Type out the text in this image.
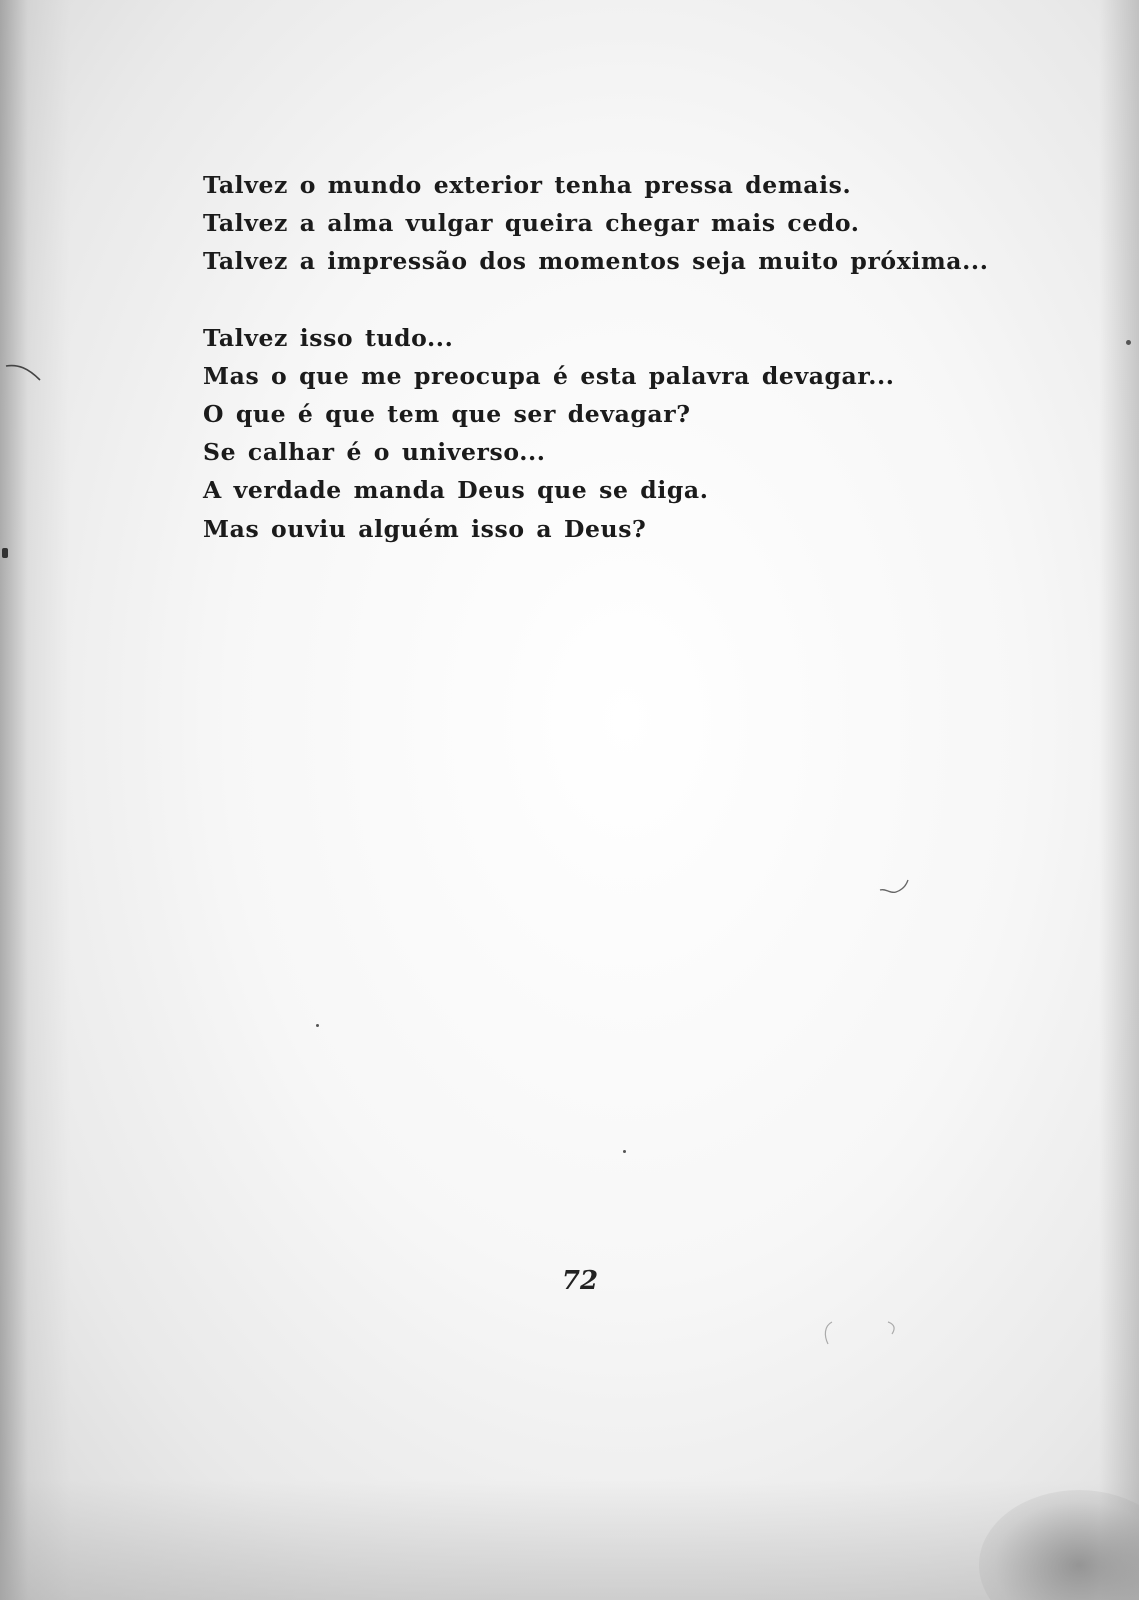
Talvez o mundo exterior tenha pressa demais.
Talvez a alma vulgar queira chegar mais cedo.
Talvez a impressão dos momentos seja muito próxima...
Talvez isso tudo...
Mas o que me preocupa é esta palavra devagar...
O que é que tem que ser devagar?
Se calhar é o universo...
A verdade manda Deus que se diga.
Mas ouviu alguém isso a Deus?
72
